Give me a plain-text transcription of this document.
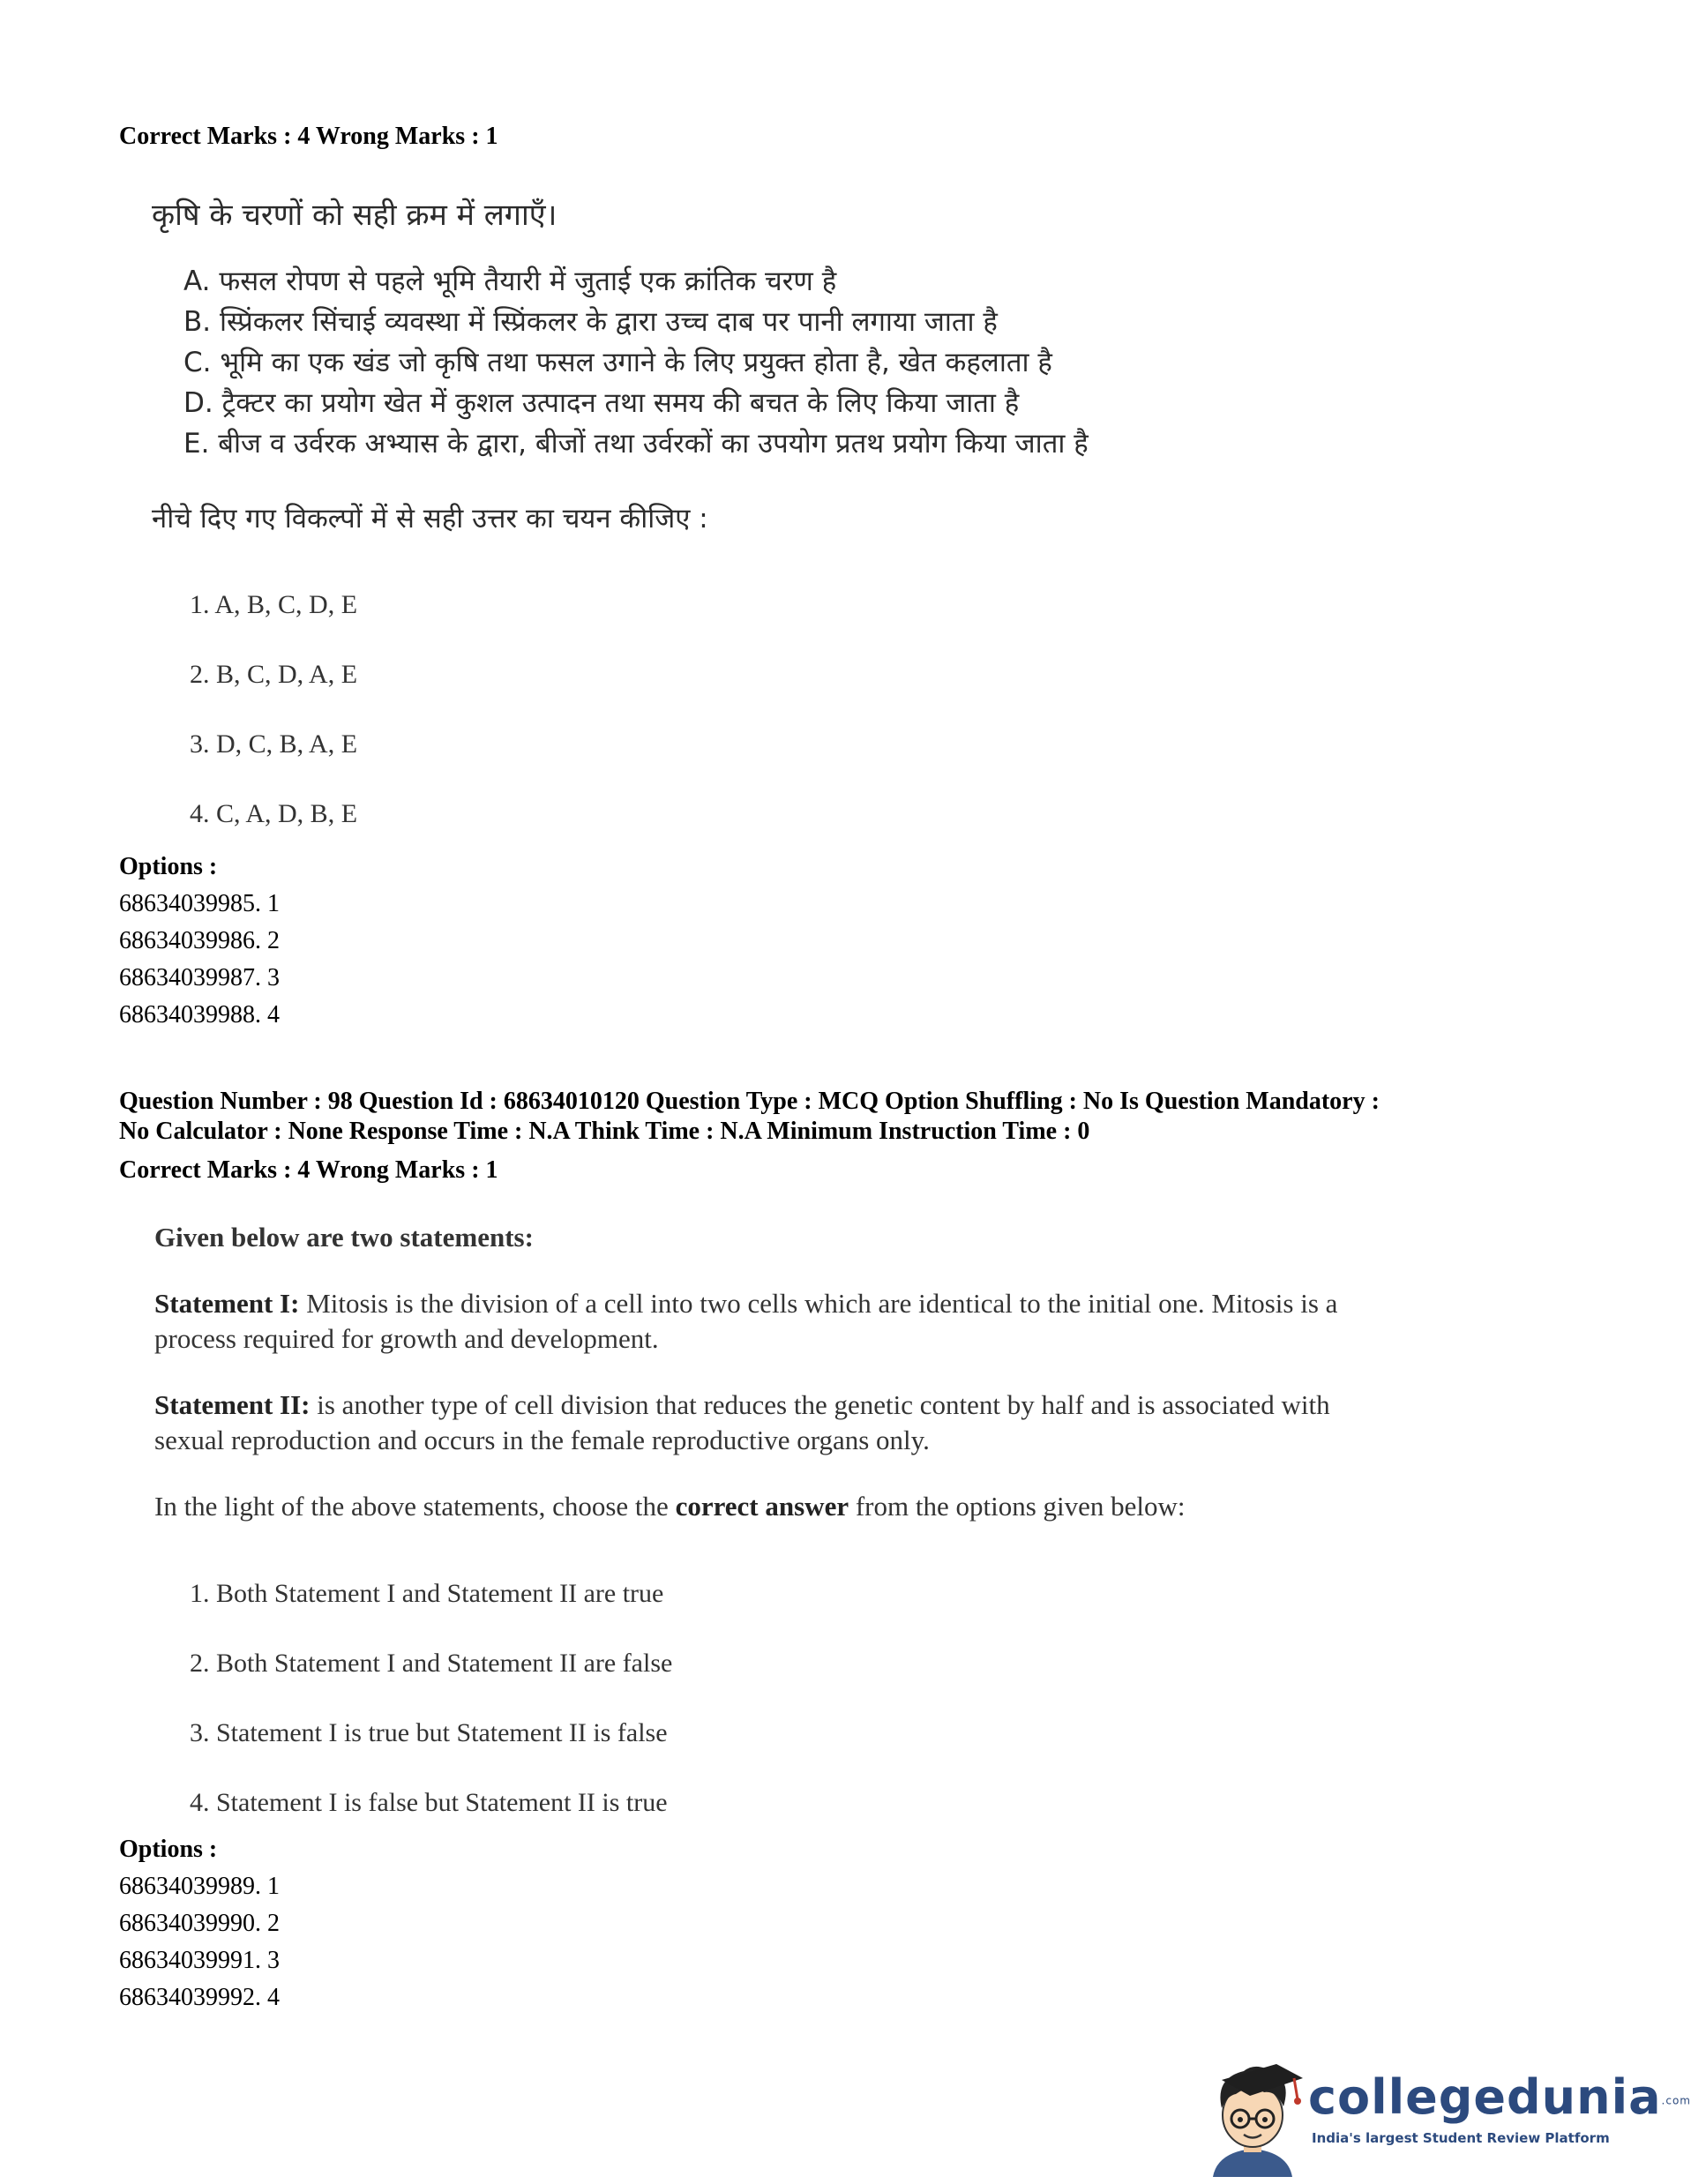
Correct Marks : 4 Wrong Marks : 1
कृषि के चरणों को सही क्रम में लगाएँ।
A. फसल रोपण से पहले भूमि तैयारी में जुताई एक क्रांतिक चरण है
B. स्प्रिंकलर सिंचाई व्यवस्था में स्प्रिंकलर के द्वारा उच्च दाब पर पानी लगाया जाता है
C. भूमि का एक खंड जो कृषि तथा फसल उगाने के लिए प्रयुक्त होता है, खेत कहलाता है
D. ट्रैक्टर का प्रयोग खेत में कुशल उत्पादन तथा समय की बचत के लिए किया जाता है
E. बीज व उर्वरक अभ्यास के द्वारा, बीजों तथा उर्वरकों का उपयोग प्रतथ प्रयोग किया जाता है
नीचे दिए गए विकल्पों में से सही उत्तर का चयन कीजिए :
1. A, B, C, D, E
2. B, C, D, A, E
3. D, C, B, A, E
4. C, A, D, B, E
Options :
68634039985. 1
68634039986. 2
68634039987. 3
68634039988. 4
Question Number : 98 Question Id : 68634010120 Question Type : MCQ Option Shuffling : No Is Question Mandatory :
No Calculator : None Response Time : N.A Think Time : N.A Minimum Instruction Time : 0
Correct Marks : 4 Wrong Marks : 1
Given below are two statements:
Statement I: Mitosis is the division of a cell into two cells which are identical to the initial one. Mitosis is a
process required for growth and development.
Statement II: is another type of cell division that reduces the genetic content by half and is associated with
sexual reproduction and occurs in the female reproductive organs only.
In the light of the above statements, choose the correct answer from the options given below:
1. Both Statement I and Statement II are true
2. Both Statement I and Statement II are false
3. Statement I is true but Statement II is false
4. Statement I is false but Statement II is true
Options :
68634039989. 1
68634039990. 2
68634039991. 3
68634039992. 4
collegedunia.com
India's largest Student Review Platform
